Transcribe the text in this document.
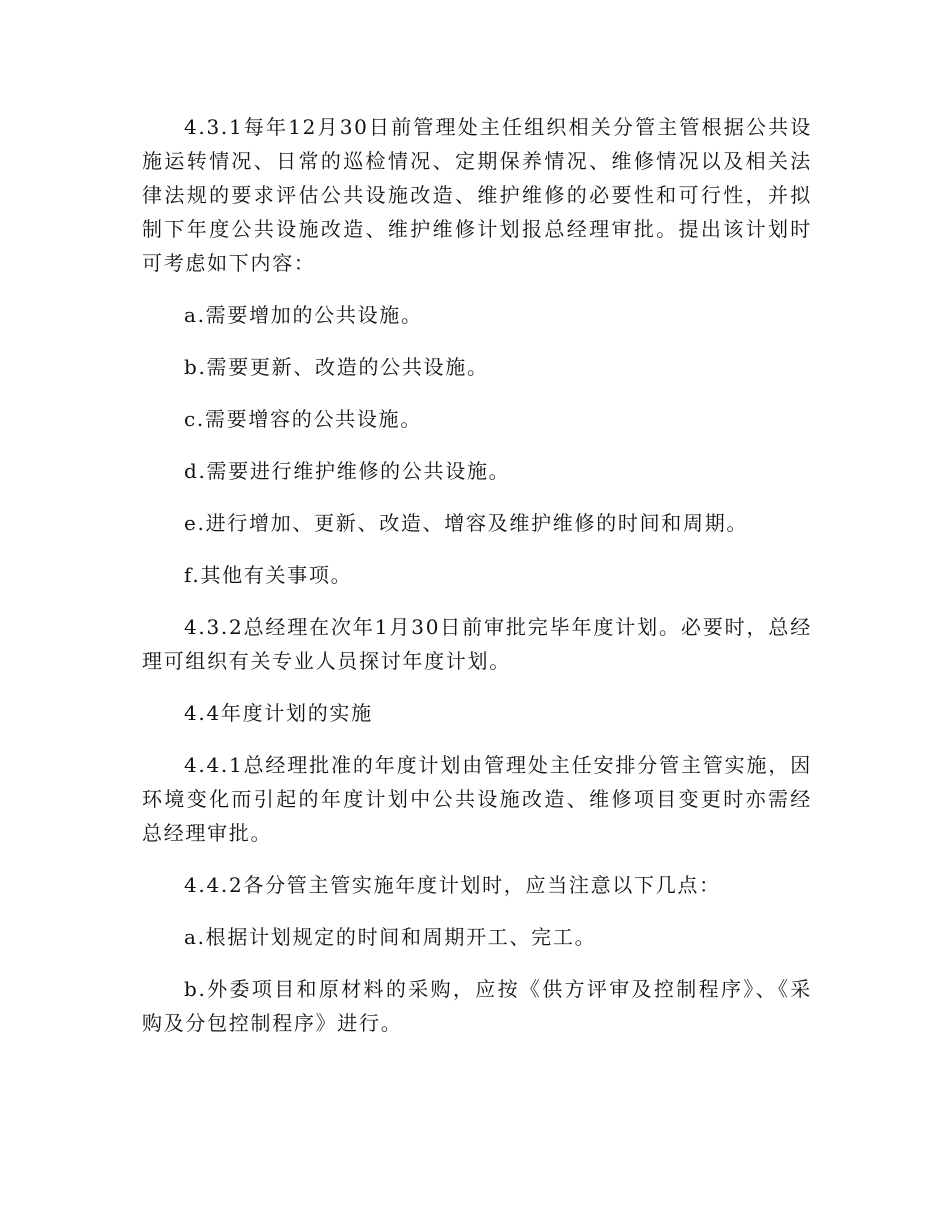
4.3.1每年12月30日前管理处主任组织相关分管主管根据公共设施运转情况、日常的巡检情况、定期保养情况、维修情况以及相关法律法规的要求评估公共设施改造、维护维修的必要性和可行性，并拟制下年度公共设施改造、维护维修计划报总经理审批。提出该计划时可考虑如下内容：

a.需要增加的公共设施。

b.需要更新、改造的公共设施。

c.需要增容的公共设施。

d.需要进行维护维修的公共设施。

e.进行增加、更新、改造、增容及维护维修的时间和周期。

f.其他有关事项。

4.3.2总经理在次年1月30日前审批完毕年度计划。必要时，总经理可组织有关专业人员探讨年度计划。

4.4年度计划的实施

4.4.1总经理批准的年度计划由管理处主任安排分管主管实施，因环境变化而引起的年度计划中公共设施改造、维修项目变更时亦需经总经理审批。

4.4.2各分管主管实施年度计划时，应当注意以下几点：

a.根据计划规定的时间和周期开工、完工。

b.外委项目和原材料的采购，应按《供方评审及控制程序》、《采购及分包控制程序》进行。
